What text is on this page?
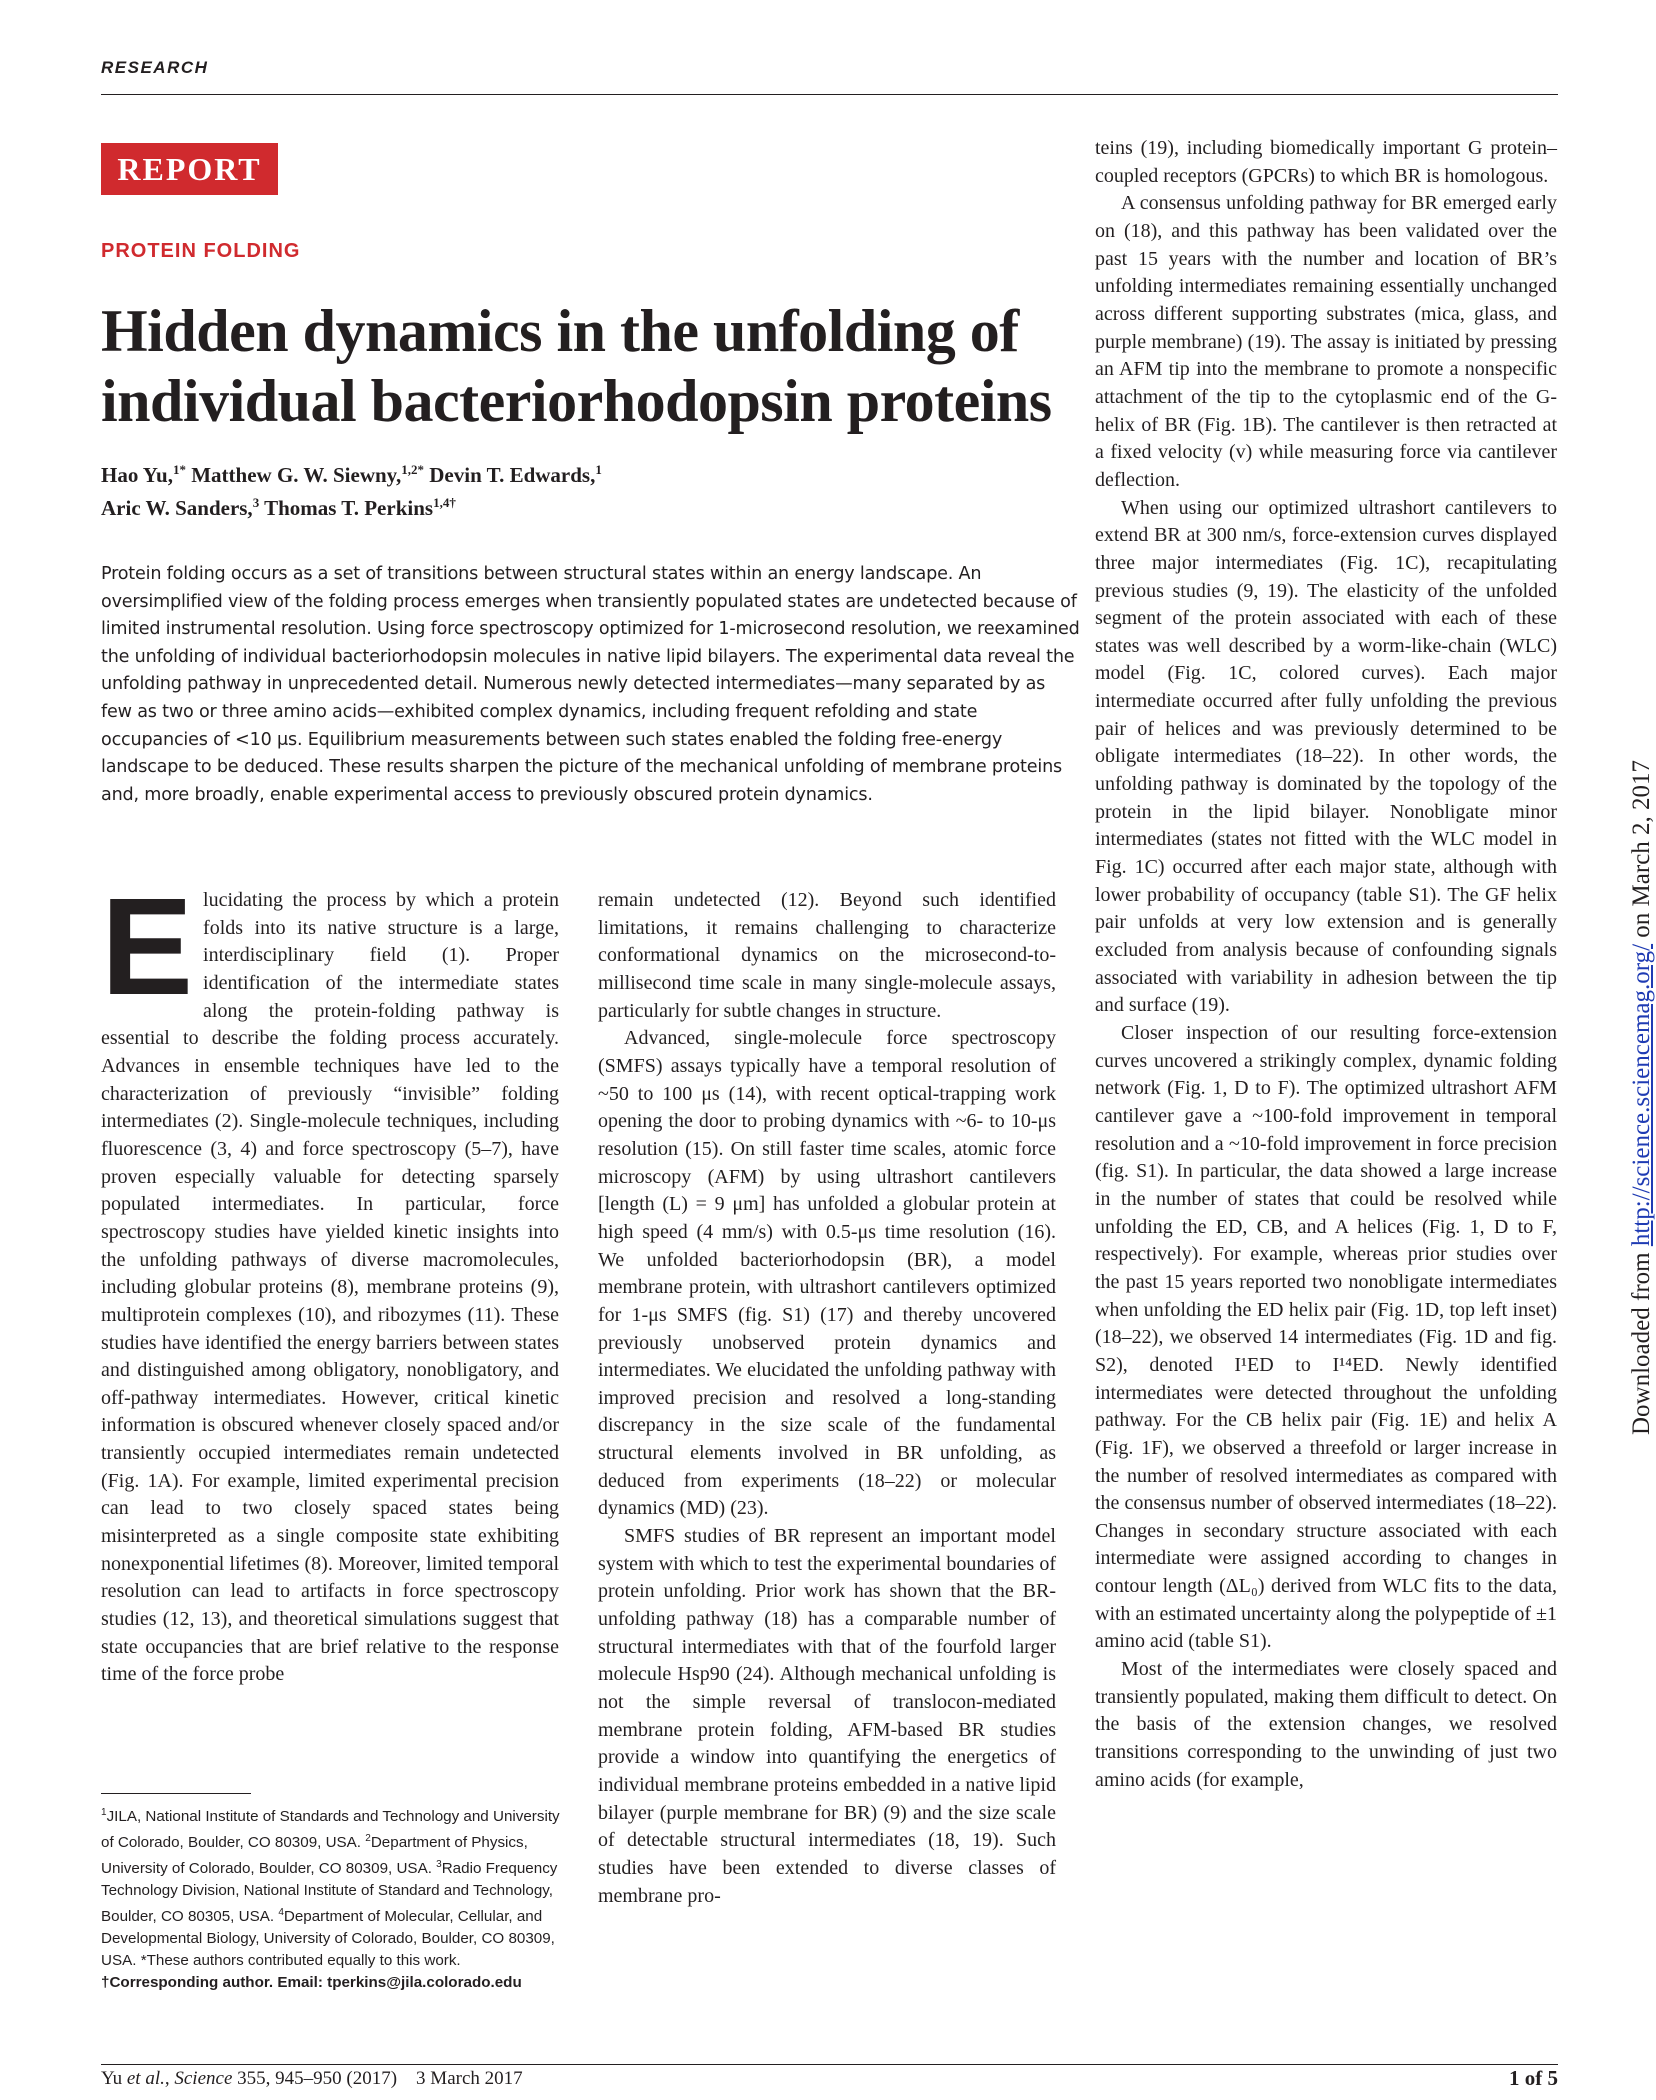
RESEARCH
REPORT
PROTEIN FOLDING
Hidden dynamics in the unfolding of
individual bacteriorhodopsin proteins
Hao Yu,$^{1*}$ Matthew G. W. Siewny,$^{1,2*}$ Devin T. Edwards,$^1$
Aric W. Sanders,$^3$ Thomas T. Perkins$^{1,4\dagger}$
Protein folding occurs as a set of transitions between structural states within an energy landscape. An oversimplified view of the folding process emerges when transiently populated states are undetected because of limited instrumental resolution. Using force spectroscopy optimized for 1-microsecond resolution, we reexamined the unfolding of individual bacteriorhodopsin molecules in native lipid bilayers. The experimental data reveal the unfolding pathway in unprecedented detail. Numerous newly detected intermediates—many separated by as few as two or three amino acids—exhibited complex dynamics, including frequent refolding and state occupancies of <10 μs. Equilibrium measurements between such states enabled the folding free-energy landscape to be deduced. These results sharpen the picture of the mechanical unfolding of membrane proteins and, more broadly, enable experimental access to previously obscured protein dynamics.

Elucidating the process by which a protein folds into its native structure is a large, interdisciplinary field (1). Proper identification of the intermediate states along the protein-folding pathway is essential to describe the folding process accurately. Advances in ensemble techniques have led to the characterization of previously “invisible” folding intermediates (2). Single-molecule techniques, including fluorescence (3, 4) and force spectroscopy (5–7), have proven especially valuable for detecting sparsely populated intermediates. In particular, force spectroscopy studies have yielded kinetic insights into the unfolding pathways of diverse macromolecules, including globular proteins (8), membrane proteins (9), multiprotein complexes (10), and ribozymes (11). These studies have identified the energy barriers between states and distinguished among obligatory, nonobligatory, and off-pathway intermediates. However, critical kinetic information is obscured whenever closely spaced and/or transiently occupied intermediates remain undetected (Fig. 1A). For example, limited experimental precision can lead to two closely spaced states being misinterpreted as a single composite state exhibiting nonexponential lifetimes (8). Moreover, limited temporal resolution can lead to artifacts in force spectroscopy studies (12, 13), and theoretical simulations suggest that state occupancies that are brief relative to the response time of the force probe

remain undetected (12). Beyond such identified limitations, it remains challenging to characterize conformational dynamics on the microsecond-to-millisecond time scale in many single-molecule assays, particularly for subtle changes in structure.

Advanced, single-molecule force spectroscopy (SMFS) assays typically have a temporal resolution of ~50 to 100 μs (14), with recent optical-trapping work opening the door to probing dynamics with ~6- to 10-μs resolution (15). On still faster time scales, atomic force microscopy (AFM) by using ultrashort cantilevers [length (L) = 9 μm] has unfolded a globular protein at high speed (4 mm/s) with 0.5-μs time resolution (16). We unfolded bacteriorhodopsin (BR), a model membrane protein, with ultrashort cantilevers optimized for 1-μs SMFS (fig. S1) (17) and thereby uncovered previously unobserved protein dynamics and intermediates. We elucidated the unfolding pathway with improved precision and resolved a long-standing discrepancy in the size scale of the fundamental structural elements involved in BR unfolding, as deduced from experiments (18–22) or molecular dynamics (MD) (23).

SMFS studies of BR represent an important model system with which to test the experimental boundaries of protein unfolding. Prior work has shown that the BR-unfolding pathway (18) has a comparable number of structural intermediates with that of the fourfold larger molecule Hsp90 (24). Although mechanical unfolding is not the simple reversal of translocon-mediated membrane protein folding, AFM-based BR studies provide a window into quantifying the energetics of individual membrane proteins embedded in a native lipid bilayer (purple membrane for BR) (9) and the size scale of detectable structural intermediates (18, 19). Such studies have been extended to diverse classes of membrane pro-

teins (19), including biomedically important G protein–coupled receptors (GPCRs) to which BR is homologous.

A consensus unfolding pathway for BR emerged early on (18), and this pathway has been validated over the past 15 years with the number and location of BR’s unfolding intermediates remaining essentially unchanged across different supporting substrates (mica, glass, and purple membrane) (19). The assay is initiated by pressing an AFM tip into the membrane to promote a nonspecific attachment of the tip to the cytoplasmic end of the G-helix of BR (Fig. 1B). The cantilever is then retracted at a fixed velocity (v) while measuring force via cantilever deflection.

When using our optimized ultrashort cantilevers to extend BR at 300 nm/s, force-extension curves displayed three major intermediates (Fig. 1C), recapitulating previous studies (9, 19). The elasticity of the unfolded segment of the protein associated with each of these states was well described by a worm-like-chain (WLC) model (Fig. 1C, colored curves). Each major intermediate occurred after fully unfolding the previous pair of helices and was previously determined to be obligate intermediates (18–22). In other words, the unfolding pathway is dominated by the topology of the protein in the lipid bilayer. Nonobligate minor intermediates (states not fitted with the WLC model in Fig. 1C) occurred after each major state, although with lower probability of occupancy (table S1). The GF helix pair unfolds at very low extension and is generally excluded from analysis because of confounding signals associated with variability in adhesion between the tip and surface (19).

Closer inspection of our resulting force-extension curves uncovered a strikingly complex, dynamic folding network (Fig. 1, D to F). The optimized ultrashort AFM cantilever gave a ~100-fold improvement in temporal resolution and a ~10-fold improvement in force precision (fig. S1). In particular, the data showed a large increase in the number of states that could be resolved while unfolding the ED, CB, and A helices (Fig. 1, D to F, respectively). For example, whereas prior studies over the past 15 years reported two nonobligate intermediates when unfolding the ED helix pair (Fig. 1D, top left inset) (18–22), we observed 14 intermediates (Fig. 1D and fig. S2), denoted I¹ED to I¹⁴ED. Newly identified intermediates were detected throughout the unfolding pathway. For the CB helix pair (Fig. 1E) and helix A (Fig. 1F), we observed a threefold or larger increase in the number of resolved intermediates as compared with the consensus number of observed intermediates (18–22). Changes in secondary structure associated with each intermediate were assigned according to changes in contour length (ΔL₀) derived from WLC fits to the data, with an estimated uncertainty along the polypeptide of ±1 amino acid (table S1).

Most of the intermediates were closely spaced and transiently populated, making them difficult to detect. On the basis of the extension changes, we resolved transitions corresponding to the unwinding of just two amino acids (for example,

$^1$JILA, National Institute of Standards and Technology and University of Colorado, Boulder, CO 80309, USA. $^2$Department of Physics, University of Colorado, Boulder, CO 80309, USA. $^3$Radio Frequency Technology Division, National Institute of Standard and Technology, Boulder, CO 80305, USA. $^4$Department of Molecular, Cellular, and Developmental Biology, University of Colorado, Boulder, CO 80309, USA. *These authors contributed equally to this work. †Corresponding author. Email: tperkins@jila.colorado.edu
Yu et al., Science 355, 945–950 (2017)    3 March 2017	1 of 5
Downloaded from http://science.sciencemag.org/ on March 2, 2017
